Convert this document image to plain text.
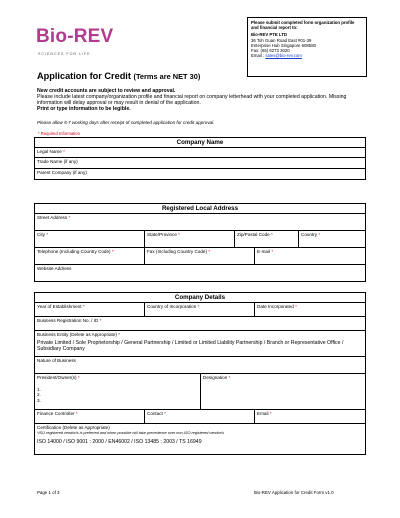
Bio-REV
SCIENCES FOR LIFE
Please submit completed form organization profile and financial report to:
Bio-REV PTE LTD
36 Toh Guan Road East #01-39
Enterprise Hub Singapore 608580
Fax: (65) 6273 3020
Email : sales@bio-rev.com
Application for Credit (Terms are NET 30)
New credit accounts are subject to review and approval.
Please include latest company/organization profile and financial report on company letterhead with your completed application. Missing information will delay approval or may result in denial of the application.
Print or type information to be legible.
Please allow 5-7 working days after receipt of completed application for credit approval.
* Required Information
Company Name
Legal Name *
Trade Name (if any)
Parent Company (if any)
Registered Local Address
Street Address *
City *	State/Province *	Zip/Postal Code *	Country *
Telephone (Including Country Code) *	Fax (Including Country Code) *	E-mail *
Website Address
Company Details
Year of Establishment *	Country of Incorporation *	Date Incorporated *
Business Registration No. / ID *
Business Entity (Delete as Appropriate) *
Private Limited / Sole Proprietorship / General Partnership / Limited or Limited Liability Partnership / Branch or Representative Office / Subsidiary Company
Nature of Business
President/Owner(s) *
1.
2.
3.
Designation *
Finance Controller *	Contact *	Email *
Certification (Delete as Appropriate)
*ISO registered vendor/s is preferred and when possible will take precedence over non-ISO registered vendor/s
ISO 14000 / ISO 9001 : 2000 / EN46002 / ISO 13485 : 2003 / TS 16949
Page 1 of 3	Bio-REV Application for Credit Form v1.0
